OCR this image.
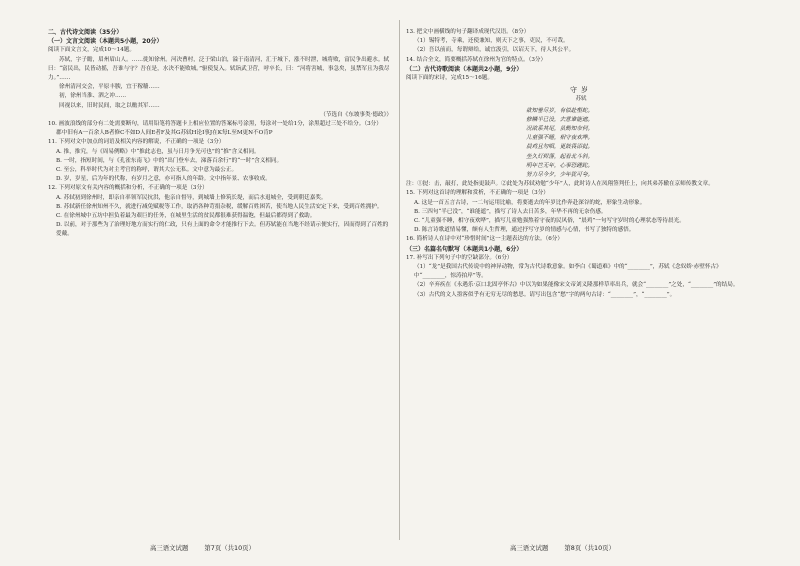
二、古代诗文阅读（35分）

（一）文言文阅读（本题共5小题，20分）

阅读下面文言文，完成10～14题。

苏轼，字子瞻，眉州眉山人。……徙知徐州。河决曹村，泛于梁山泊，溢于南清河，汇于城下，涨不时泄，城将败，富民争出避水。轼曰：“富民出，民皆动摇，吾谁与守？吾在是，水决不能败城。”驱使复入。轼诣武卫营，呼卒长，曰：“河将害城，事急矣，虽禁军且为我尽力。”……

徐州清河交会，平原丰腴，宜于稼穑……

初，徐州当淮、泗之冲……

回视以来，旧时民间，取之以赡其军……

（节选自《东坡事类·德政》）

10. 画波浪线的部分有二处需要断句，请用铅笔将答题卡上相应位置的答案标号涂黑，每涂对一处给1分，涂黑超过三处不给分。（3分）

郡中旧有A一百余人B者修C不如D人间E者F及其G苏轼H论I事J在K每L至M更N不O肯P

11. 下列对文中加点的词语及相关内容的解说，不正确的一项是（3分）

A. 推，推究，与《周易例略》中“推此志也，虽与日月争光可也”的“推”含义相同。

B. 一时，指短时间，与《孔雀东南飞》中的“出门登车去，涕落百余行”的“一时”含义相同。

C. 至公，科举时代为对主考官的称呼，谓其大公无私。文中意为最公正。

D. 岁，岁星，后为年的代称，有岁月之意，亦可指人的年龄。文中指年景、农事收成。

12. 下列对原文有关内容的概括和分析，不正确的一项是（3分）

A. 苏轼初到徐州时，即亲自率领军民抗洪，他亲自督导，到城墙上修筑长堤，而后水退城全，受到朝廷嘉奖。

B. 苏轼新任徐州知州不久，就进行减免赋税等工作，取消各种苛捐杂税，缓解百姓困苦，使当地人民生活安定下来，受到百姓拥护。

C. 在徐州城中五坊中担负着最为艰巨的任务，在城里生活的贫民都很难获得温饱，但最后都得到了救助。

D. 以前，对于那些为了治理好地方而实行的仁政，只有上面的命令才能推行下去。但苏轼能在当地不经请示便实行，因而得到了百姓的爱戴。

13. 把文中画横线的句子翻译成现代汉语。（8分）

（1）锡特考，寺乘，还使兼知，则天下之事，吏民，不可哉。

（2）吾以前而，每谓辩给，诚宜汲引，以诏天下，待人其公平。

14. 结合全文，简要概括苏轼在徐州为官的特点。（3分）

（二）古代诗歌阅读（本题共2小题，9分）

阅读下面的宋诗，完成15～16题。

守岁

苏轼

欲知垂尽岁，有似赴壑蛇。

修鳞半已没，去意谁能遮。

况欲系其尾，虽勤知奈何。

儿童强不睡，相守夜欢哗。

晨鸡且勿唱，更鼓畏添挝。

坐久灯烬落，起看北斗斜。

明年岂无年，心事恐蹉跎。

努力尽今夕，少年犹可夸。

注：①挝：击，敲打，此处指更鼓声。②此处为苏轼劝勉“少年”人，此时诗人在凤翔签判任上，向其弟苏辙在京师传教文章。

15. 下列对这首诗的理解和赏析，不正确的一项是（3分）

A. 这是一首五言古诗，一二句运用比喻，将要逝去的年岁比作奔赴深谷的蛇，形象生动形象。

B. 三四句“半已没”，“谁能遮”，描写了诗人去日苦多，年华不再的无奈伤感。

C. “儿童强不睡，相守夜欢哗”，描写儿童勉强熬着守夜的民风俗，“晨鸡”一句写守岁时的心理状态等待晨光。

D. 陈言诗歌道情易懂，颇有人生哲理，通过抒写守岁的情感与心情，书写了独特的感悟。

16. 简析诗人在诗中对“珍惜时间”这一主题表达的方法。（6分）

（三）名篇名句默写（本题共1小题，6分）

17. 补写出下列句子中的空缺部分。（6分）

（1）“龙”是我国古代传说中的神异动物，常为古代诗歌意象。如李白《蜀道难》中的“________”，苏轼《念奴娇·赤壁怀古》中“________，惊涛拍岸”等。

（2）辛弃疾在《永遇乐·京口北固亭怀古》中以为如果能像宋文帝刘义隆那样草率出兵，就会“________”之处，“________”的结局。

（3）古代的文人墨客似乎有无穷无尽的愁思。请写出包含“愁”字的两句古诗：“________”，“________”。

高三语文试题	第7页（共10页）	高三语文试题	第8页（共10页）
